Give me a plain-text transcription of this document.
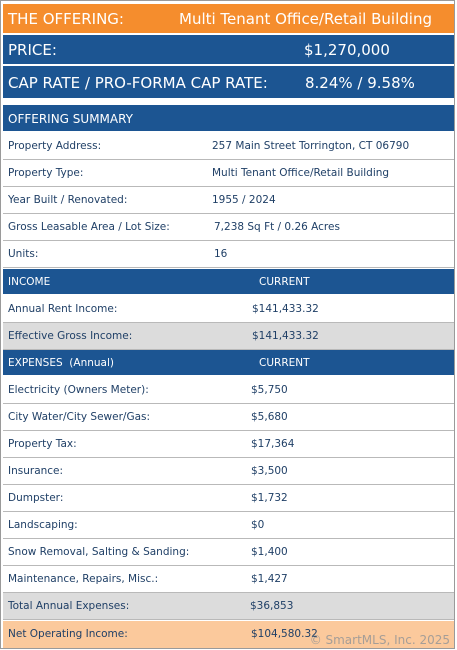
THE OFFERING:	Multi Tenant Office/Retail Building
PRICE:	$1,270,000
CAP RATE / PRO-FORMA CAP RATE: 8.24% / 9.58%
OFFERING SUMMARY
Property Address:	257 Main Street Torrington, CT 06790
Property Type:	Multi Tenant Office/Retail Building
Year Built / Renovated:	1955 / 2024
Gross Leasable Area / Lot Size:	7,238 Sq Ft / 0.26 Acres
Units:	16
INCOME	CURRENT
Annual Rent Income:	$141,433.32
Effective Gross Income:	$141,433.32
EXPENSES  (Annual)	CURRENT
Electricity (Owners Meter):	$5,750
City Water/City Sewer/Gas:	$5,680
Property Tax:	$17,364
Insurance:	$3,500
Dumpster:	$1,732
Landscaping:	$0
Snow Removal, Salting & Sanding:	$1,400
Maintenance, Repairs, Misc.:	$1,427
Total Annual Expenses:	$36,853
Net Operating Income:	$104,580.32
© SmartMLS, Inc. 2025
